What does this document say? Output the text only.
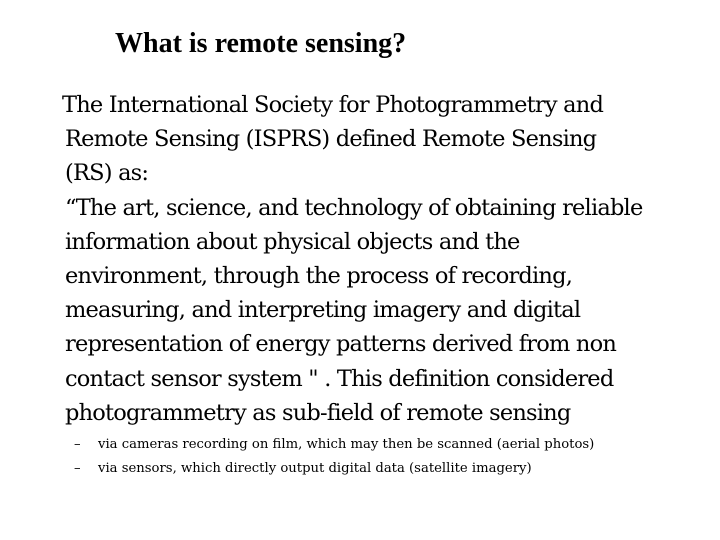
What is remote sensing?
The International Society for Photogrammetry and
Remote Sensing (ISPRS) defined Remote Sensing
(RS) as:
“The art, science, and technology of obtaining reliable
information about physical objects and the
environment, through the process of recording,
measuring, and interpreting imagery and digital
representation of energy patterns derived from non
contact sensor system " . This definition considered
photogrammetry as sub-field of remote sensing
– via cameras recording on film, which may then be scanned (aerial photos)
– via sensors, which directly output digital data (satellite imagery)
